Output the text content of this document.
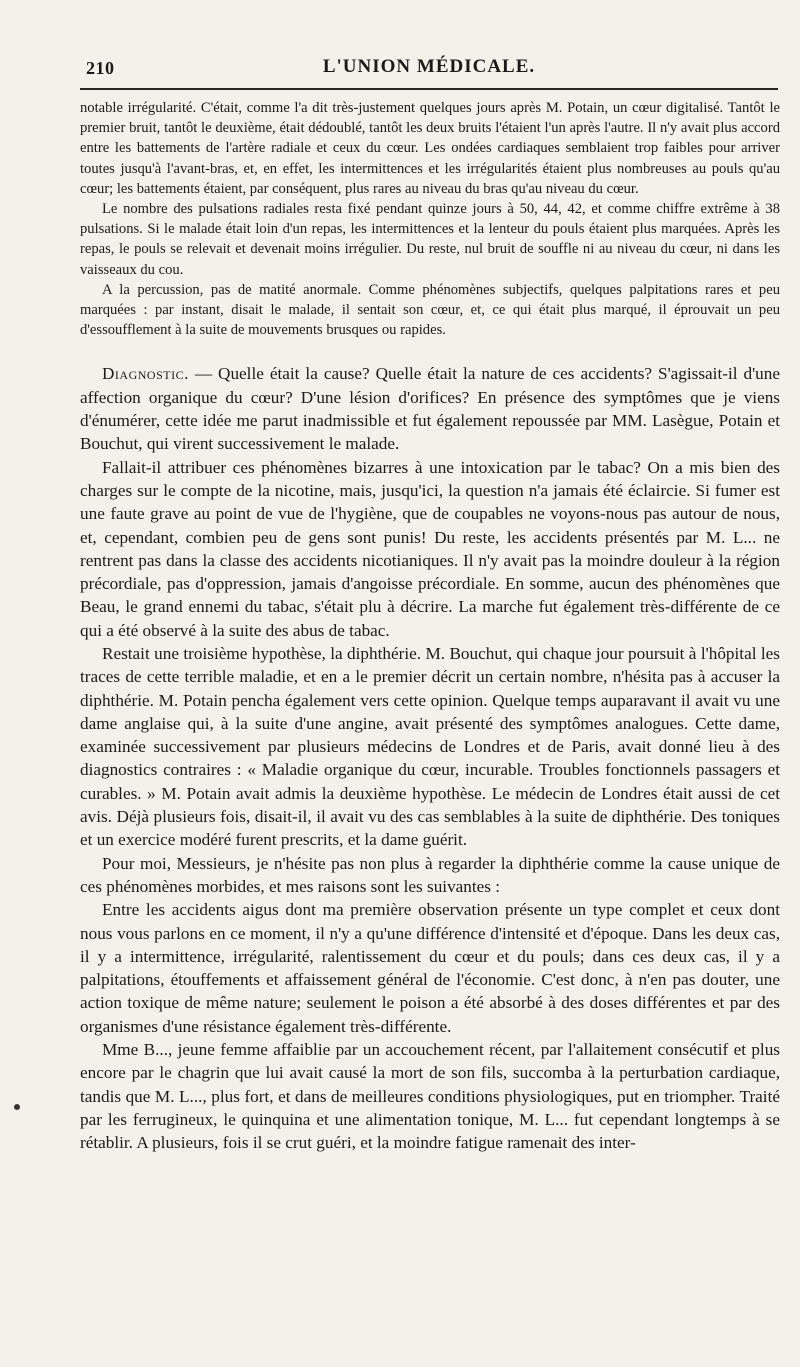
210	L'UNION MÉDICALE.

notable irrégularité. C'était, comme l'a dit très-justement quelques jours après M. Potain, un cœur digitalisé. Tantôt le premier bruit, tantôt le deuxième, était dédoublé, tantôt les deux bruits l'étaient l'un après l'autre. Il n'y avait plus accord entre les battements de l'artère radiale et ceux du cœur. Les ondées cardiaques semblaient trop faibles pour arriver toutes jusqu'à l'avant-bras, et, en effet, les intermittences et les irrégularités étaient plus nombreuses au pouls qu'au cœur; les battements étaient, par conséquent, plus rares au niveau du bras qu'au niveau du cœur.

Le nombre des pulsations radiales resta fixé pendant quinze jours à 50, 44, 42, et comme chiffre extrême à 38 pulsations. Si le malade était loin d'un repas, les intermittences et la lenteur du pouls étaient plus marquées. Après les repas, le pouls se relevait et devenait moins irrégulier. Du reste, nul bruit de souffle ni au niveau du cœur, ni dans les vaisseaux du cou.

A la percussion, pas de matité anormale. Comme phénomènes subjectifs, quelques palpitations rares et peu marquées : par instant, disait le malade, il sentait son cœur, et, ce qui était plus marqué, il éprouvait un peu d'essoufflement à la suite de mouvements brusques ou rapides.

Diagnostic. — Quelle était la cause? Quelle était la nature de ces accidents? S'agissait-il d'une affection organique du cœur? D'une lésion d'orifices? En présence des symptômes que je viens d'énumérer, cette idée me parut inadmissible et fut également repoussée par MM. Lasègue, Potain et Bouchut, qui virent successivement le malade.

Fallait-il attribuer ces phénomènes bizarres à une intoxication par le tabac? On a mis bien des charges sur le compte de la nicotine, mais, jusqu'ici, la question n'a jamais été éclaircie. Si fumer est une faute grave au point de vue de l'hygiène, que de coupables ne voyons-nous pas autour de nous, et, cependant, combien peu de gens sont punis! Du reste, les accidents présentés par M. L... ne rentrent pas dans la classe des accidents nicotianiques. Il n'y avait pas la moindre douleur à la région précordiale, pas d'oppression, jamais d'angoisse précordiale. En somme, aucun des phénomènes que Beau, le grand ennemi du tabac, s'était plu à décrire. La marche fut également très-différente de ce qui a été observé à la suite des abus de tabac.

Restait une troisième hypothèse, la diphthérie. M. Bouchut, qui chaque jour poursuit à l'hôpital les traces de cette terrible maladie, et en a le premier décrit un certain nombre, n'hésita pas à accuser la diphthérie. M. Potain pencha également vers cette opinion. Quelque temps auparavant il avait vu une dame anglaise qui, à la suite d'une angine, avait présenté des symptômes analogues. Cette dame, examinée successivement par plusieurs médecins de Londres et de Paris, avait donné lieu à des diagnostics contraires : « Maladie organique du cœur, incurable. Troubles fonctionnels passagers et curables. » M. Potain avait admis la deuxième hypothèse. Le médecin de Londres était aussi de cet avis. Déjà plusieurs fois, disait-il, il avait vu des cas semblables à la suite de diphthérie. Des toniques et un exercice modéré furent prescrits, et la dame guérit.

Pour moi, Messieurs, je n'hésite pas non plus à regarder la diphthérie comme la cause unique de ces phénomènes morbides, et mes raisons sont les suivantes :

Entre les accidents aigus dont ma première observation présente un type complet et ceux dont nous vous parlons en ce moment, il n'y a qu'une différence d'intensité et d'époque. Dans les deux cas, il y a intermittence, irrégularité, ralentissement du cœur et du pouls; dans ces deux cas, il y a palpitations, étouffements et affaissement général de l'économie. C'est donc, à n'en pas douter, une action toxique de même nature; seulement le poison a été absorbé à des doses différentes et par des organismes d'une résistance également très-différente.

Mme B..., jeune femme affaiblie par un accouchement récent, par l'allaitement consécutif et plus encore par le chagrin que lui avait causé la mort de son fils, succomba à la perturbation cardiaque, tandis que M. L..., plus fort, et dans de meilleures conditions physiologiques, put en triompher. Traité par les ferrugineux, le quinquina et une alimentation tonique, M. L... fut cependant longtemps à se rétablir. A plusieurs, fois il se crut guéri, et la moindre fatigue ramenait des inter-
